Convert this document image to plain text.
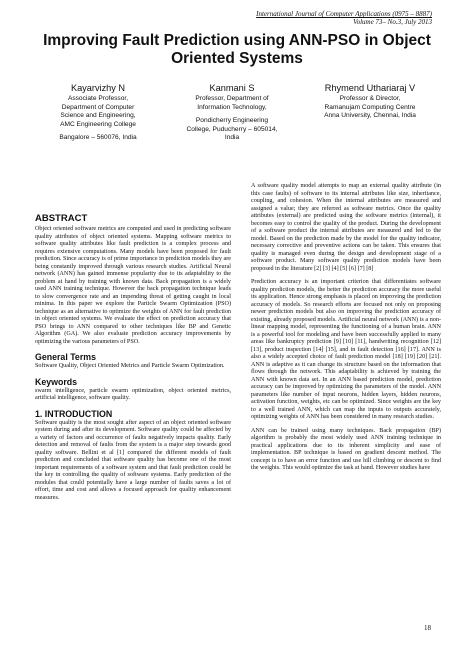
International Journal of Computer Applications (0975 – 8887)
Volume 73– No.3, July 2013
Improving Fault Prediction using ANN-PSO in Object Oriented Systems
Kayarvizhy N
Associate Professor,
Department of Computer
Science and Engineering,
AMC Engineering College
Bangalore – 560076, India
Kanmani S
Professor, Department of
Information Technology,
Pondicherry Engineering
College, Puducherry – 605014,
India
Rhymend Uthariaraj V
Professor & Director,
Ramanujam Computing Centre
Anna University, Chennai, India
ABSTRACT

Object oriented software metrics are computed and used in predicting software quality attributes of object oriented systems. Mapping software metrics to software quality attributes like fault prediction is a complex process and requires extensive computations. Many models have been proposed for fault prediction. Since accuracy is of prime importance in prediction models they are being constantly improved through various research studies. Artificial Neural network (ANN) has gained immense popularity due to its adaptability to the problem at hand by training with known data. Back propagation is a widely used ANN training technique. However the back propagation technique leads to slow convergence rate and an impending threat of getting caught in local minima. In this paper we explore the Particle Swarm Optimization (PSO) technique as an alternative to optimize the weights of ANN for fault prediction in object oriented systems. We evaluate the effect on prediction accuracy that PSO brings to ANN compared to other techniques like BP and Genetic Algorithm (GA). We also evaluate prediction accuracy improvements by optimizing the various parameters of PSO.

General Terms

Software Quality, Object Oriented Metrics and Particle Swarm Optimization.

Keywords

swarm intelligence, particle swarm optimization, object oriented metrics, artificial intelligence, software quality.

1. INTRODUCTION

Software quality is the most sought after aspect of an object oriented software system during and after its development. Software quality could be affected by a variety of factors and occurrence of faults negatively impacts quality. Early detection and removal of faults from the system is a major step towards good quality software. Bellini et al [1] compared the different models of fault prediction and concluded that software quality has become one of the most important requirements of a software system and that fault prediction could be the key in controlling the quality of software systems. Early prediction of the modules that could potentially have a large number of faults saves a lot of effort, time and cost and allows a focused approach for quality enhancement measures.

A software quality model attempts to map an external quality attribute (in this case faults) of software to its internal attributes like size, inheritance, coupling, and cohesion. When the internal attributes are measured and assigned a value; they are referred as software metrics. Once the quality attributes (external) are predicted using the software metrics (internal), it becomes easy to control the quality of the product. During the development of a software product the internal attributes are measured and fed to the model. Based on the prediction made by the model for the quality indicator, necessary corrective and preventive actions can be taken. This ensures that quality is managed even during the design and development stage of a software product. Many software quality prediction models have been proposed in the literature [2] [3] [4] [5] [6] [7] [8]

Prediction accuracy is an important criterion that differentiates software quality prediction models, the better the prediction accuracy the more useful its application. Hence strong emphasis is placed on improving the prediction accuracy of models. So research efforts are focused not only on proposing newer prediction models but also on improving the prediction accuracy of existing, already proposed models. Artificial neural network (ANN) is a non-linear mapping model, representing the functioning of a human brain. ANN is a powerful tool for modeling and have been successfully applied to many areas like bankruptcy prediction [9] [10] [11], handwriting recognition [12] [13], product inspection [14] [15], and in fault detection [16] [17]. ANN is also a widely accepted choice of fault prediction model [18] [19] [20] [21]. ANN is adaptive as it can change its structure based on the information that flows through the network. This adaptability is achieved by training the ANN with known data set. In an ANN based prediction model, prediction accuracy can be improved by optimizing the parameters of the model. ANN parameters like number of input neurons, hidden layers, hidden neurons, activation function, weights, etc can be optimized. Since weights are the key to a well trained ANN, which can map the inputs to outputs accurately, optimizing weights of ANN has been considered in many research studies.

ANN can be trained using many techniques. Back propagation (BP) algorithm is probably the most widely used ANN training technique in practical applications due to its inherent simplicity and ease of implementation. BP technique is based on gradient descent method. The concept is to have an error function and use hill climbing or descent to find the weights. This would optimize the task at hand. However studies have

18
